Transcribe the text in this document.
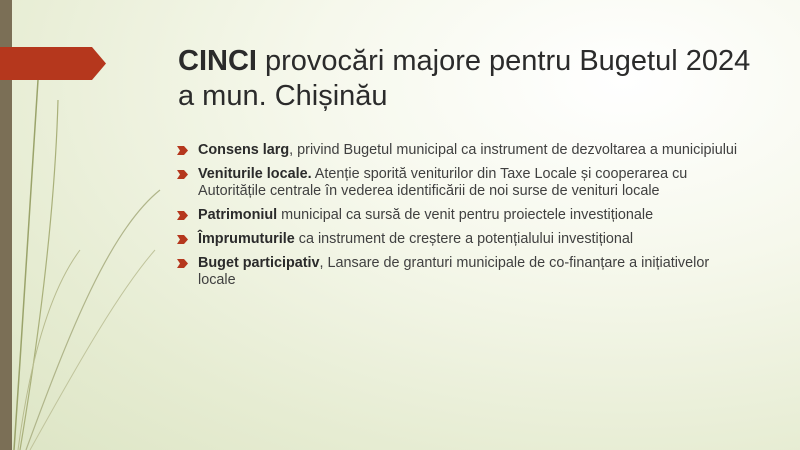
CINCI provocări majore pentru Bugetul 2024 a mun. Chișinău
Consens larg, privind Bugetul municipal ca instrument de dezvoltarea a municipiului
Veniturile locale. Atenție sporită veniturilor din Taxe Locale și cooperarea cu Autoritățile centrale în vederea identificării de noi surse de venituri locale
Patrimoniul municipal ca sursă de venit pentru proiectele investiționale
Împrumuturile ca instrument de creștere a potențialului investițional
Buget participativ, Lansare de granturi municipale de co-finanțare a inițiativelor locale
